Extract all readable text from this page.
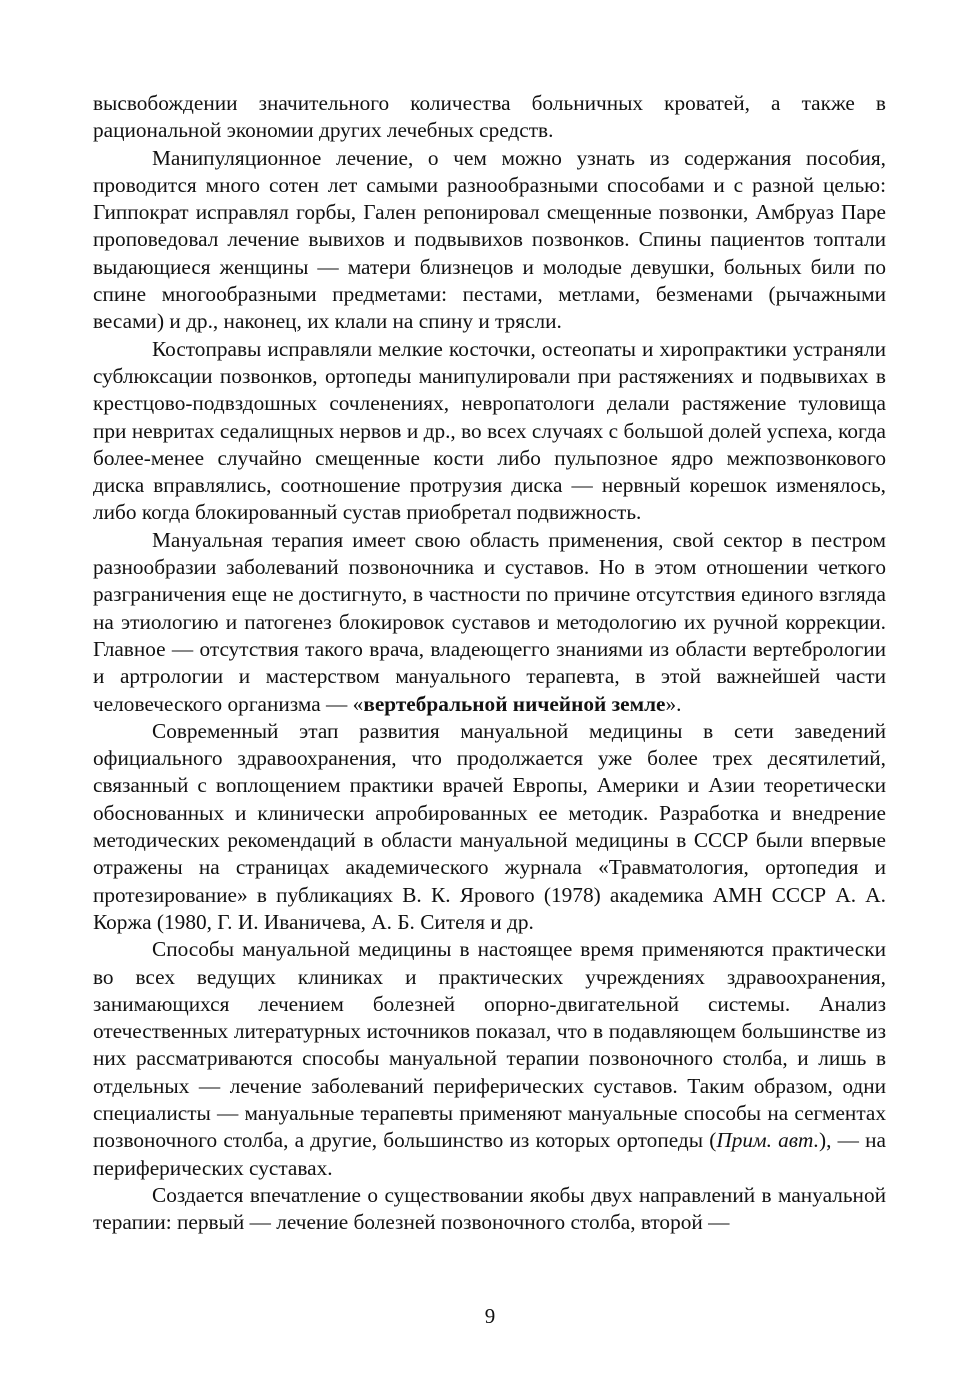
высвобождении значительного количества больничных кроватей, а также в рациональной экономии других лечебных средств.

Манипуляционное лечение, о чем можно узнать из содержания пособия, проводится много сотен лет самыми разнообразными способами и с разной целью: Гиппократ исправлял горбы, Гален репонировал смещенные позвонки, Амбруаз Паре проповедовал лечение вывихов и подвывихов позвонков. Спины пациентов топтали выдающиеся женщины — матери близнецов и молодые девушки, больных били по спине многообразными предметами: пестами, метлами, безменами (рычажными весами) и др., наконец, их клали на спину и трясли.

Костоправы исправляли мелкие косточки, остеопаты и хиропрактики устраняли сублюксации позвонков, ортопеды манипулировали при растяжениях и подвывихах в крестцово-подвздошных сочленениях, невропатологи делали растяжение туловища при невритах седалищных нервов и др., во всех случаях с большой долей успеха, когда более-менее случайно смещенные кости либо пульпозное ядро межпозвонкового диска вправлялись, соотношение протрузия диска — нервный корешок изменялось, либо когда блокированный сустав приобретал подвижность.

Мануальная терапия имеет свою область применения, свой сектор в пестром разнообразии заболеваний позвоночника и суставов. Но в этом отношении четкого разграничения еще не достигнуто, в частности по причине отсутствия единого взгляда на этиологию и патогенез блокировок суставов и методологию их ручной коррекции. Главное — отсутствия такого врача, владеющегго знаниями из области вертебрологии и артрологии и мастерством мануального терапевта, в этой важнейшей части человеческого организма — «вертебральной ничейной земле».

Современный этап развития мануальной медицины в сети заведений официального здравоохранения, что продолжается уже более трех десятилетий, связанный с воплощением практики врачей Европы, Америки и Азии теоретически обоснованных и клинически апробированных ее методик. Разработка и внедрение методических рекомендаций в области мануальной медицины в СССР были впервые отражены на страницах академического журнала «Травматология, ортопедия и протезирование» в публикациях В. К. Ярового (1978) академика АМН СССР А. А. Коржа (1980, Г. И. Иваничева, А. Б. Сителя и др.

Способы мануальной медицины в настоящее время применяются практически во всех ведущих клиниках и практических учреждениях здравоохранения, занимающихся лечением болезней опорно-двигательной системы. Анализ отечественных литературных источников показал, что в подавляющем большинстве из них рассматриваются способы мануальной терапии позвоночного столба, и лишь в отдельных — лечение заболеваний периферических суставов. Таким образом, одни специалисты — мануальные терапевты применяют мануальные способы на сегментах позвоночного столба, а другие, большинство из которых ортопеды (Прим. авт.), — на периферических суставах.

Создается впечатление о существовании якобы двух направлений в мануальной терапии: первый — лечение болезней позвоночного столба, второй —

9
